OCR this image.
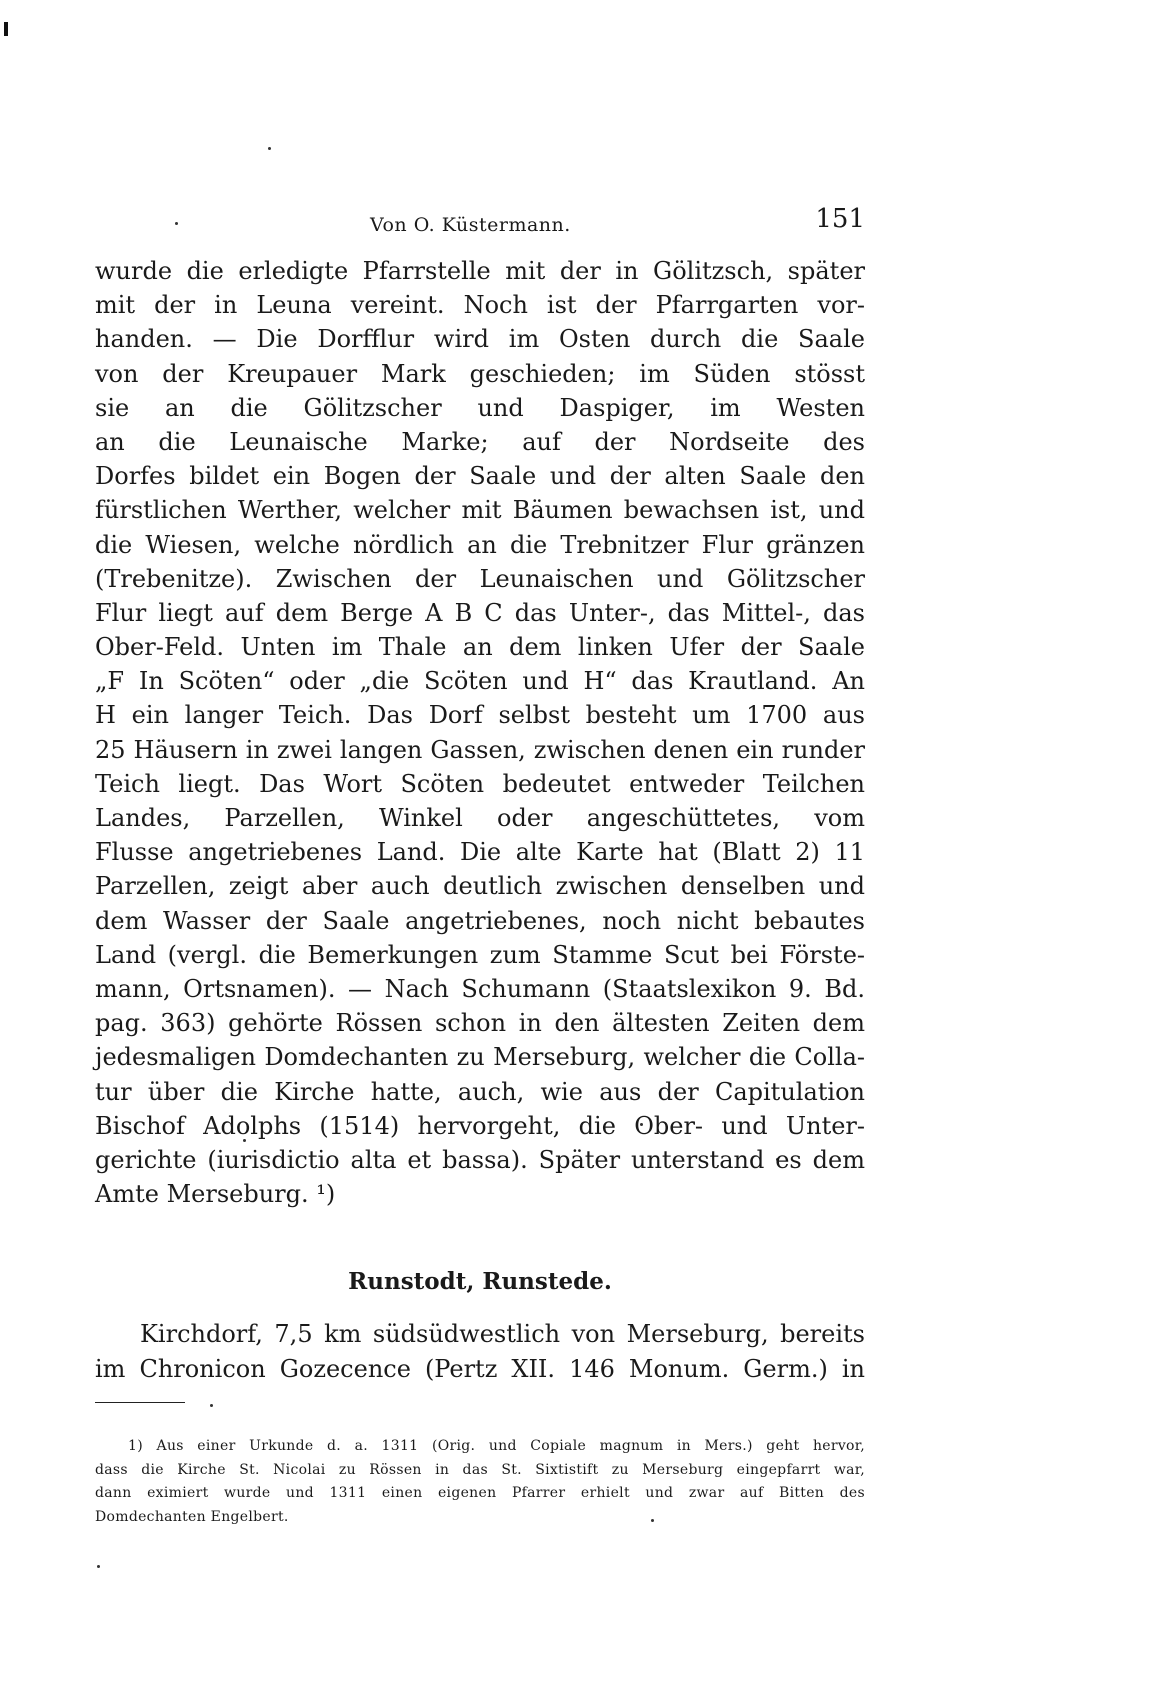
Von O. Küstermann.	151
wurde die erledigte Pfarrstelle mit der in Gölitzsch, später
mit der in Leuna vereint. Noch ist der Pfarrgarten vor-
handen. — Die Dorfflur wird im Osten durch die Saale
von der Kreupauer Mark geschieden; im Süden stösst
sie an die Gölitzscher und Daspiger, im Westen
an die Leunaische Marke; auf der Nordseite des
Dorfes bildet ein Bogen der Saale und der alten Saale den
fürstlichen Werther, welcher mit Bäumen bewachsen ist, und
die Wiesen, welche nördlich an die Trebnitzer Flur gränzen
(Trebenitze). Zwischen der Leunaischen und Gölitzscher
Flur liegt auf dem Berge A B C das Unter-, das Mittel-, das
Ober-Feld. Unten im Thale an dem linken Ufer der Saale
„F In Scöten“ oder „die Scöten und H“ das Krautland. An
H ein langer Teich. Das Dorf selbst besteht um 1700 aus
25 Häusern in zwei langen Gassen, zwischen denen ein runder
Teich liegt. Das Wort Scöten bedeutet entweder Teilchen
Landes, Parzellen, Winkel oder angeschüttetes, vom
Flusse angetriebenes Land. Die alte Karte hat (Blatt 2) 11
Parzellen, zeigt aber auch deutlich zwischen denselben und
dem Wasser der Saale angetriebenes, noch nicht bebautes
Land (vergl. die Bemerkungen zum Stamme Scut bei Förste-
mann, Ortsnamen). — Nach Schumann (Staatslexikon 9. Bd.
pag. 363) gehörte Rössen schon in den ältesten Zeiten dem
jedesmaligen Domdechanten zu Merseburg, welcher die Colla-
tur über die Kirche hatte, auch, wie aus der Capitulation
Bischof Adolphs (1514) hervorgeht, die Ober- und Unter-
gerichte (iurisdictio alta et bassa). Später unterstand es dem
Amte Merseburg. ¹)
Runstodt, Runstede.
Kirchdorf, 7,5 km südsüdwestlich von Merseburg, bereits
im Chronicon Gozecence (Pertz XII. 146 Monum. Germ.) in
1) Aus einer Urkunde d. a. 1311 (Orig. und Copiale magnum in Mers.) geht hervor,
dass die Kirche St. Nicolai zu Rössen in das St. Sixtistift zu Merseburg eingepfarrt war,
dann eximiert wurde und 1311 einen eigenen Pfarrer erhielt und zwar auf Bitten des
Domdechanten Engelbert.
